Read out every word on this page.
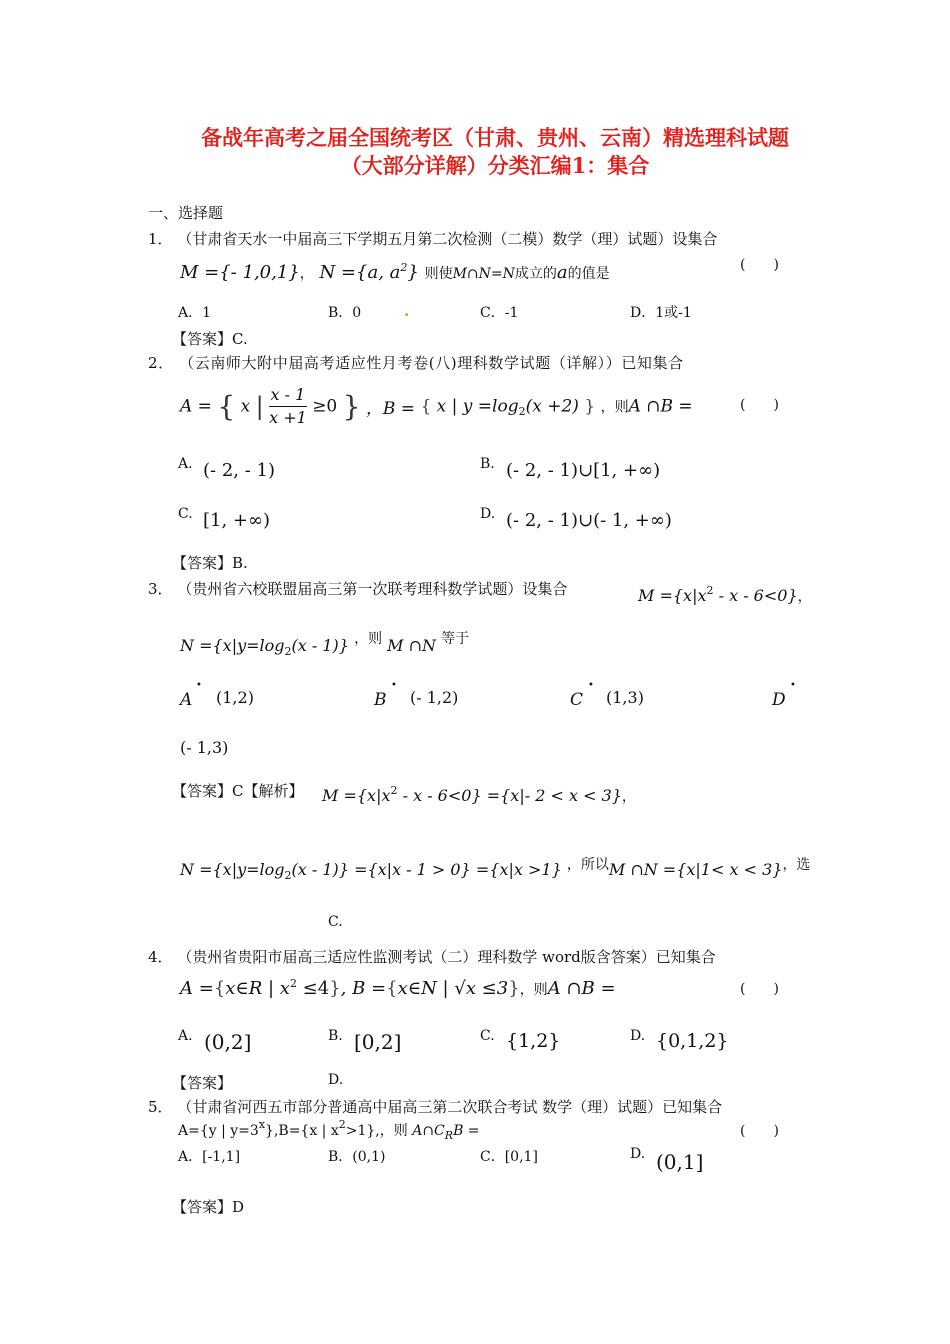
备战年高考之届全国统考区（甘肃、贵州、云南）精选理科试题
（大部分详解）分类汇编1：集合
一、选择题
1． （甘肃省天水一中届高三下学期五月第二次检测（二模）数学（理）试题）设集合
M ={- 1,0,1}， N ={a, $a^2$} 则使M∩N=N成立的a的值是
(　　)
A．1	B．0	.	C．-1	D．1或-1
【答案】C.
2． （云南师大附中届高考适应性月考卷(八)理科数学试题（详解））已知集合
A = { x | $\frac{x - 1}{x +1} \ge 0$ } ，B = { x | $y =\log_2(x +2)$ } ，则A ∩B =	(　　)
A. (- 2, - 1)	B. (- 2, - 1)∪[1, +∞)
C. [1, +∞)	D. (- 2, - 1)∪(- 1, +∞)
【答案】B.
3． （贵州省六校联盟届高三第一次联考理科数学试题）设集合	$M =\{x|x^2 - x - 6<0\}$，
$N =\{x|y=\log_2(x - 1)\}$ ，则 M ∩N 等于
A
•
(1,2)	B
•
(- 1,2)	C
•
(1,3)	D
•
(- 1,3)
【答案】C【解析】 $M =\{x|x^2 - x - 6<0\} =\{x|-$ 2 < x < 3}，
$N =\{x|y=\log_2(x - 1)\} =\{x|x - 1 > 0\} =\{x|x >1\}$ ，所以M ∩N ={x|1< x < 3}，选
C.
4． （贵州省贵阳市届高三适应性监测考试（二）理科数学 word版含答案）已知集合
A ={x∈R | $x^2 \le 4$}, B ={x∈N | √x ≤3}，则A ∩B =	(　　)
A. (0,2]	B. [0,2]	C. {1,2}	D. {0,1,2}
【答案】	D.
5． （甘肃省河西五市部分普通高中届高三第二次联合考试 数学（理）试题）已知集合
A={y | $y=3^x\},B=\{x$ | $x^2>1$},，则 $A\cap C_RB$ =	(　　)
A．[-1,1]	B．(0,1)	C．[0,1]	D. (0,1]
【答案】D
